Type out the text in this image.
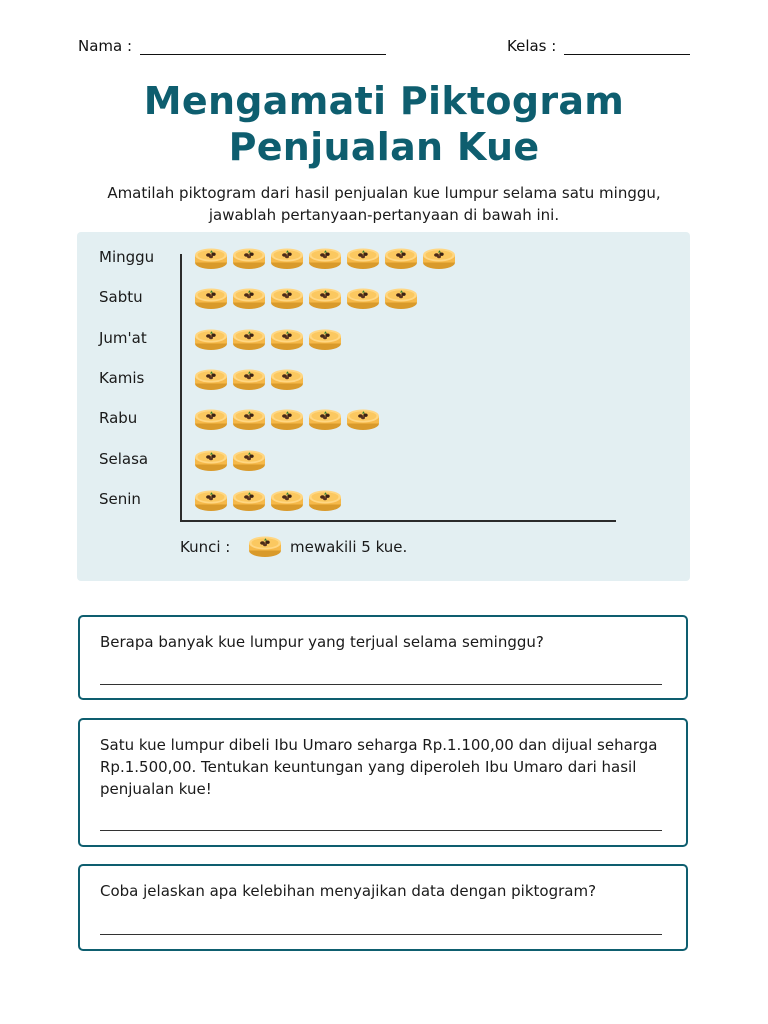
Nama :	Kelas :
Mengamati Piktogram
Penjualan Kue
Amatilah piktogram dari hasil penjualan kue lumpur selama satu minggu,
jawablah pertanyaan-pertanyaan di bawah ini.
Kunci :	mewakili 5 kue.
Minggu
Sabtu
Jum'at
Kamis
Rabu
Selasa
Senin
Berapa banyak kue lumpur yang terjual selama seminggu?
Satu kue lumpur dibeli Ibu Umaro seharga Rp.1.100,00 dan dijual seharga Rp.1.500,00. Tentukan keuntungan yang diperoleh Ibu Umaro dari hasil penjualan kue!
Coba jelaskan apa kelebihan menyajikan data dengan piktogram?
